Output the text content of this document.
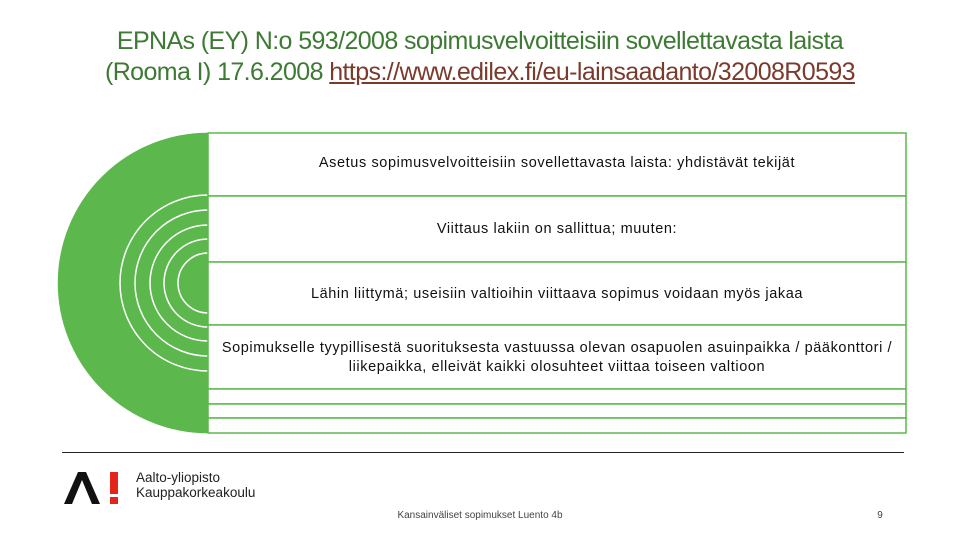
EPNAs (EY) N:o 593/2008 sopimusvelvoitteisiin sovellettavasta laista
(Rooma I) 17.6.2008 https://www.edilex.fi/eu-lainsaadanto/32008R0593
Asetus sopimusvelvoitteisiin sovellettavasta laista: yhdistävät tekijät
Viittaus lakiin on sallittua; muuten:
Lähin liittymä; useisiin valtioihin viittaava sopimus voidaan myös jakaa
Sopimukselle tyypillisestä suorituksesta vastuussa olevan osapuolen asuinpaikka / pääkonttori / liikepaikka, elleivät kaikki olosuhteet viittaa toiseen valtioon
Aalto-yliopisto
Kauppakorkeakoulu
Kansainväliset sopimukset Luento 4b	9
